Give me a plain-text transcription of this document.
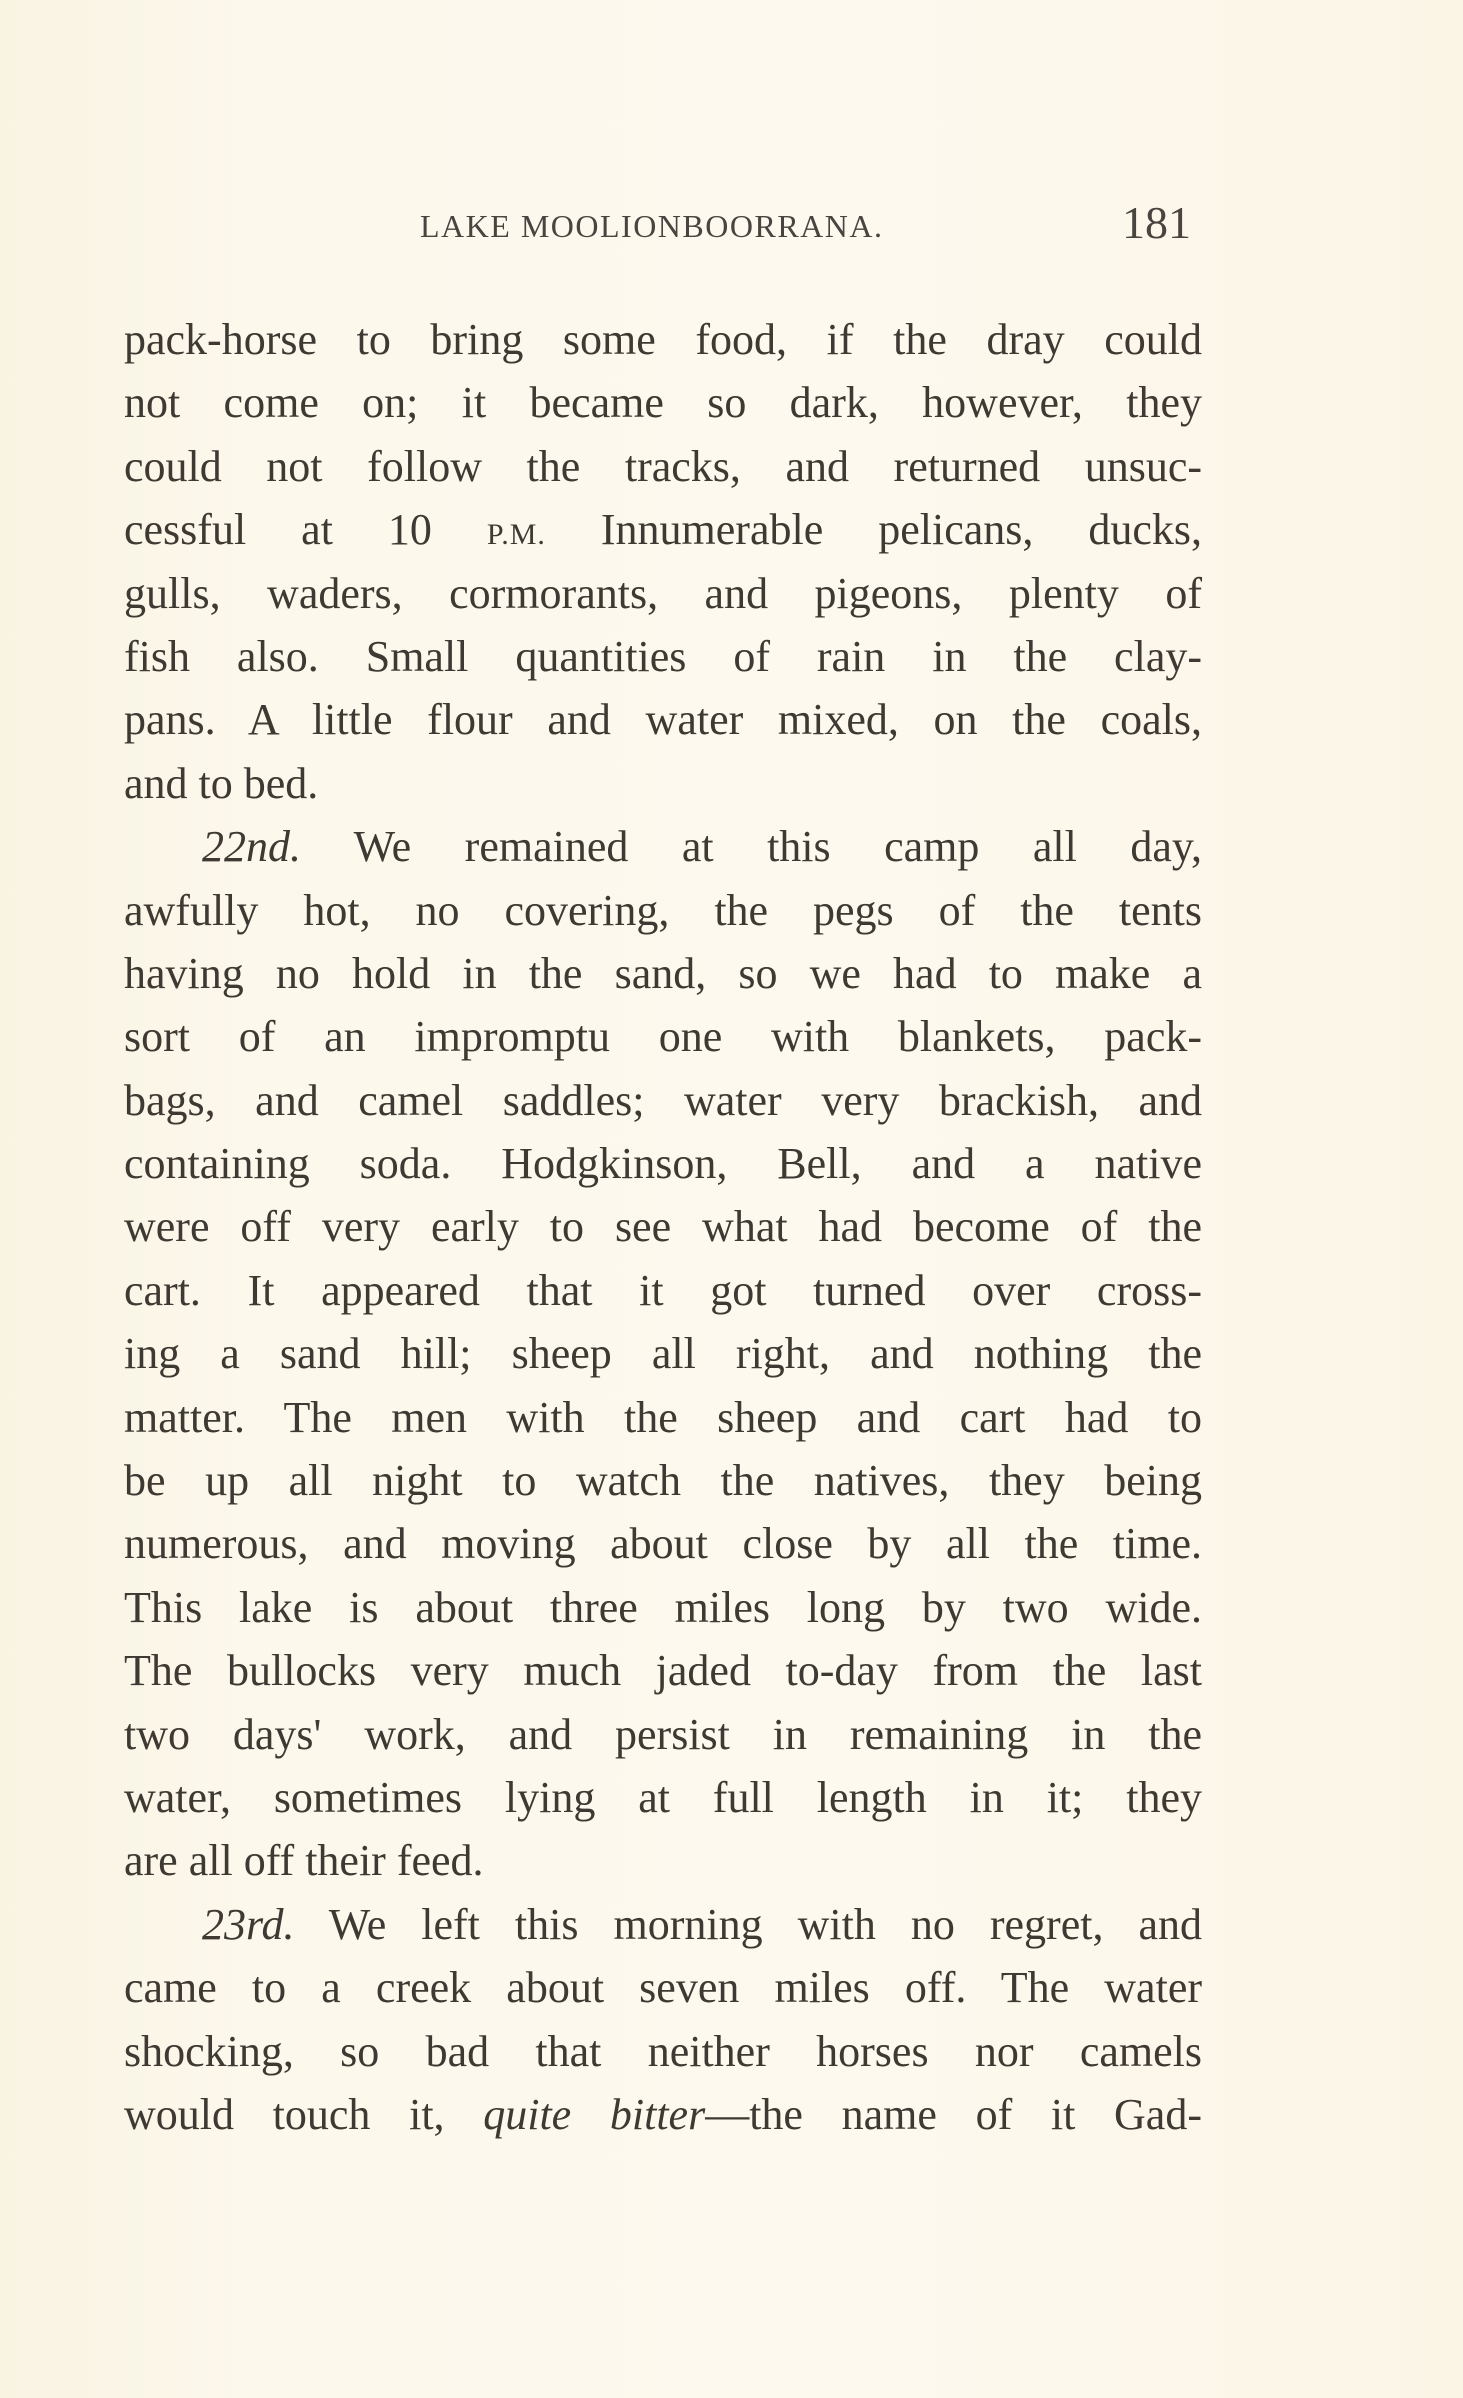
LAKE MOOLIONBOORRANA.	181
pack-horse to bring some food, if the dray could
not come on; it became so dark, however, they
could not follow the tracks, and returned unsuc-
cessful at 10 P.M. Innumerable pelicans, ducks,
gulls, waders, cormorants, and pigeons, plenty of
fish also. Small quantities of rain in the clay-
pans. A little flour and water mixed, on the coals,
and to bed.
22nd. We remained at this camp all day,
awfully hot, no covering, the pegs of the tents
having no hold in the sand, so we had to make a
sort of an impromptu one with blankets, pack-
bags, and camel saddles; water very brackish, and
containing soda. Hodgkinson, Bell, and a native
were off very early to see what had become of the
cart. It appeared that it got turned over cross-
ing a sand hill; sheep all right, and nothing the
matter. The men with the sheep and cart had to
be up all night to watch the natives, they being
numerous, and moving about close by all the time.
This lake is about three miles long by two wide.
The bullocks very much jaded to-day from the last
two days' work, and persist in remaining in the
water, sometimes lying at full length in it; they
are all off their feed.
23rd. We left this morning with no regret, and
came to a creek about seven miles off. The water
shocking, so bad that neither horses nor camels
would touch it, quite bitter—the name of it Gad-
